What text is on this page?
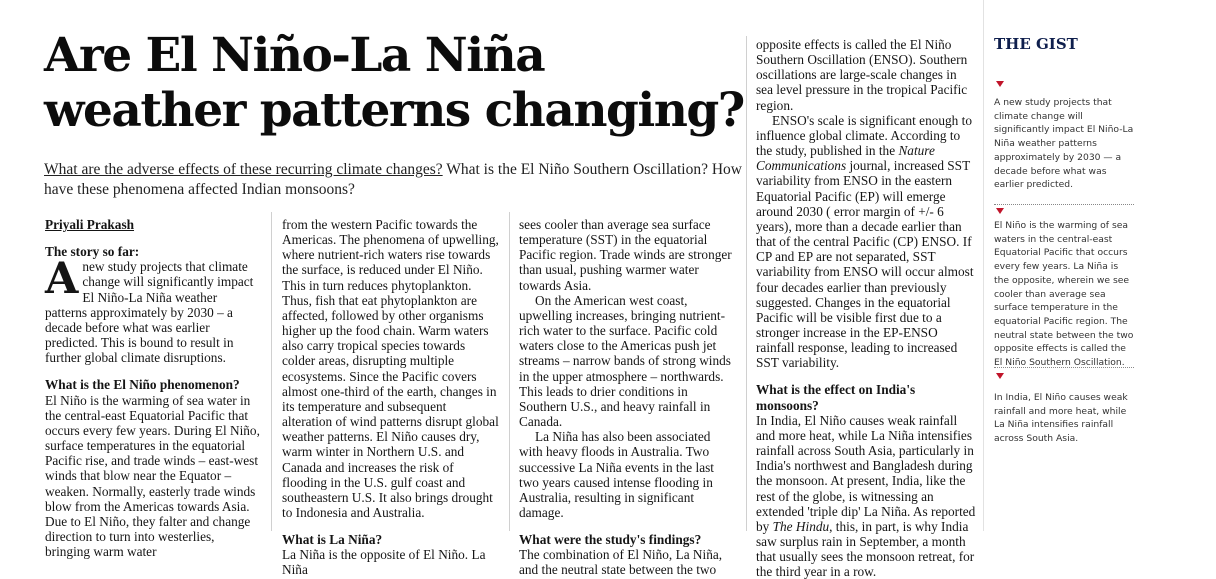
Are El Niño-La Niña weather patterns changing?

What are the adverse effects of these recurring climate changes? What is the El Niño Southern Oscillation? How have these phenomena affected Indian monsoons?

Priyali Prakash

The story so far:

Anew study projects that climate change will significantly impact El Niño-La Niña weather patterns approximately by 2030 – a decade before what was earlier predicted. This is bound to result in further global climate disruptions.

What is the El Niño phenomenon?

El Niño is the warming of sea water in the central-east Equatorial Pacific that occurs every few years. During El Niño, surface temperatures in the equatorial Pacific rise, and trade winds – east-west winds that blow near the Equator – weaken. Normally, easterly trade winds blow from the Americas towards Asia. Due to El Niño, they falter and change direction to turn into westerlies, bringing warm water

from the western Pacific towards the Americas. The phenomena of upwelling, where nutrient-rich waters rise towards the surface, is reduced under El Niño. This in turn reduces phytoplankton. Thus, fish that eat phytoplankton are affected, followed by other organisms higher up the food chain. Warm waters also carry tropical species towards colder areas, disrupting multiple ecosystems. Since the Pacific covers almost one-third of the earth, changes in its temperature and subsequent alteration of wind patterns disrupt global weather patterns. El Niño causes dry, warm winter in Northern U.S. and Canada and increases the risk of flooding in the U.S. gulf coast and southeastern U.S. It also brings drought to Indonesia and Australia.

What is La Niña?

La Niña is the opposite of El Niño. La Niña

sees cooler than average sea surface temperature (SST) in the equatorial Pacific region. Trade winds are stronger than usual, pushing warmer water towards Asia.

On the American west coast, upwelling increases, bringing nutrient-rich water to the surface. Pacific cold waters close to the Americas push jet streams – narrow bands of strong winds in the upper atmosphere – northwards. This leads to drier conditions in Southern U.S., and heavy rainfall in Canada.

La Niña has also been associated with heavy floods in Australia. Two successive La Niña events in the last two years caused intense flooding in Australia, resulting in significant damage.

What were the study's findings?

The combination of El Niño, La Niña, and the neutral state between the two

opposite effects is called the El Niño Southern Oscillation (ENSO). Southern oscillations are large-scale changes in sea level pressure in the tropical Pacific region.

ENSO's scale is significant enough to influence global climate. According to the study, published in the Nature Communications journal, increased SST variability from ENSO in the eastern Equatorial Pacific (EP) will emerge around 2030 ( error margin of +/- 6 years), more than a decade earlier than that of the central Pacific (CP) ENSO. If CP and EP are not separated, SST variability from ENSO will occur almost four decades earlier than previously suggested. Changes in the equatorial Pacific will be visible first due to a stronger increase in the EP-ENSO rainfall response, leading to increased SST variability.

What is the effect on India's monsoons?

In India, El Niño causes weak rainfall and more heat, while La Niña intensifies rainfall across South Asia, particularly in India's northwest and Bangladesh during the monsoon. At present, India, like the rest of the globe, is witnessing an extended 'triple dip' La Niña. As reported by The Hindu, this, in part, is why India saw surplus rain in September, a month that usually sees the monsoon retreat, for the third year in a row.

THE GIST
A new study projects that climate change will significantly impact El Niño-La Niña weather patterns approximately by 2030 — a decade before what was earlier predicted.
El Niño is the warming of sea waters in the central-east Equatorial Pacific that occurs every few years. La Niña is the opposite, wherein we see cooler than average sea surface temperature in the equatorial Pacific region. The neutral state between the two opposite effects is called the El Niño Southern Oscillation.
In India, El Niño causes weak rainfall and more heat, while La Niña intensifies rainfall across South Asia.
